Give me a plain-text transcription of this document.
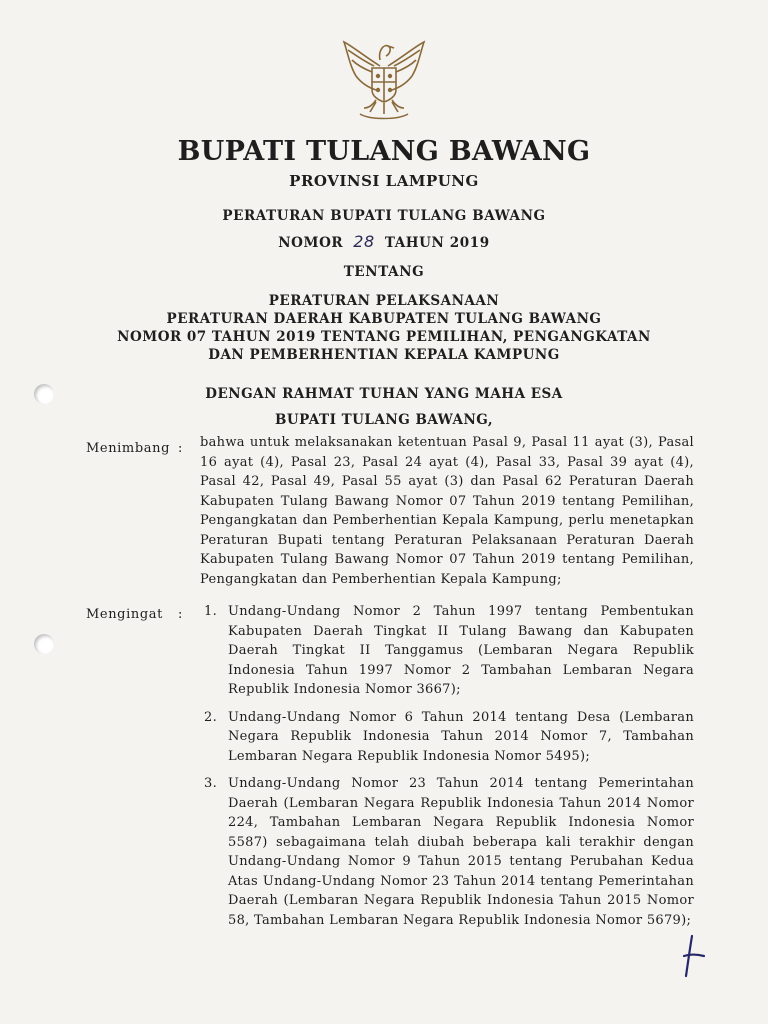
BUPATI TULANG BAWANG
PROVINSI LAMPUNG
PERATURAN BUPATI TULANG BAWANG
NOMOR 28 TAHUN 2019
TENTANG
PERATURAN PELAKSANAAN
PERATURAN DAERAH KABUPATEN TULANG BAWANG
NOMOR 07 TAHUN 2019 TENTANG PEMILIHAN, PENGANGKATAN
DAN PEMBERHENTIAN KEPALA KAMPUNG
DENGAN RAHMAT TUHAN YANG MAHA ESA
BUPATI TULANG BAWANG,
Menimbang : bahwa untuk melaksanakan ketentuan Pasal 9, Pasal 11 ayat (3), Pasal 16 ayat (4), Pasal 23, Pasal 24 ayat (4), Pasal 33, Pasal 39 ayat (4), Pasal 42, Pasal 49, Pasal 55 ayat (3) dan Pasal 62 Peraturan Daerah Kabupaten Tulang Bawang Nomor 07 Tahun 2019 tentang Pemilihan, Pengangkatan dan Pemberhentian Kepala Kampung, perlu menetapkan Peraturan Bupati tentang Peraturan Pelaksanaan Peraturan Daerah Kabupaten Tulang Bawang Nomor 07 Tahun 2019 tentang Pemilihan, Pengangkatan dan Pemberhentian Kepala Kampung;
Mengingat : 1. Undang-Undang Nomor 2 Tahun 1997 tentang Pembentukan Kabupaten Daerah Tingkat II Tulang Bawang dan Kabupaten Daerah Tingkat II Tanggamus (Lembaran Negara Republik Indonesia Tahun 1997 Nomor 2 Tambahan Lembaran Negara Republik Indonesia Nomor 3667);
2. Undang-Undang Nomor 6 Tahun 2014 tentang Desa (Lembaran Negara Republik Indonesia Tahun 2014 Nomor 7, Tambahan Lembaran Negara Republik Indonesia Nomor 5495);
3. Undang-Undang Nomor 23 Tahun 2014 tentang Pemerintahan Daerah (Lembaran Negara Republik Indonesia Tahun 2014 Nomor 224, Tambahan Lembaran Negara Republik Indonesia Nomor 5587) sebagaimana telah diubah beberapa kali terakhir dengan Undang-Undang Nomor 9 Tahun 2015 tentang Perubahan Kedua Atas Undang-Undang Nomor 23 Tahun 2014 tentang Pemerintahan Daerah (Lembaran Negara Republik Indonesia Tahun 2015 Nomor 58, Tambahan Lembaran Negara Republik Indonesia Nomor 5679);
